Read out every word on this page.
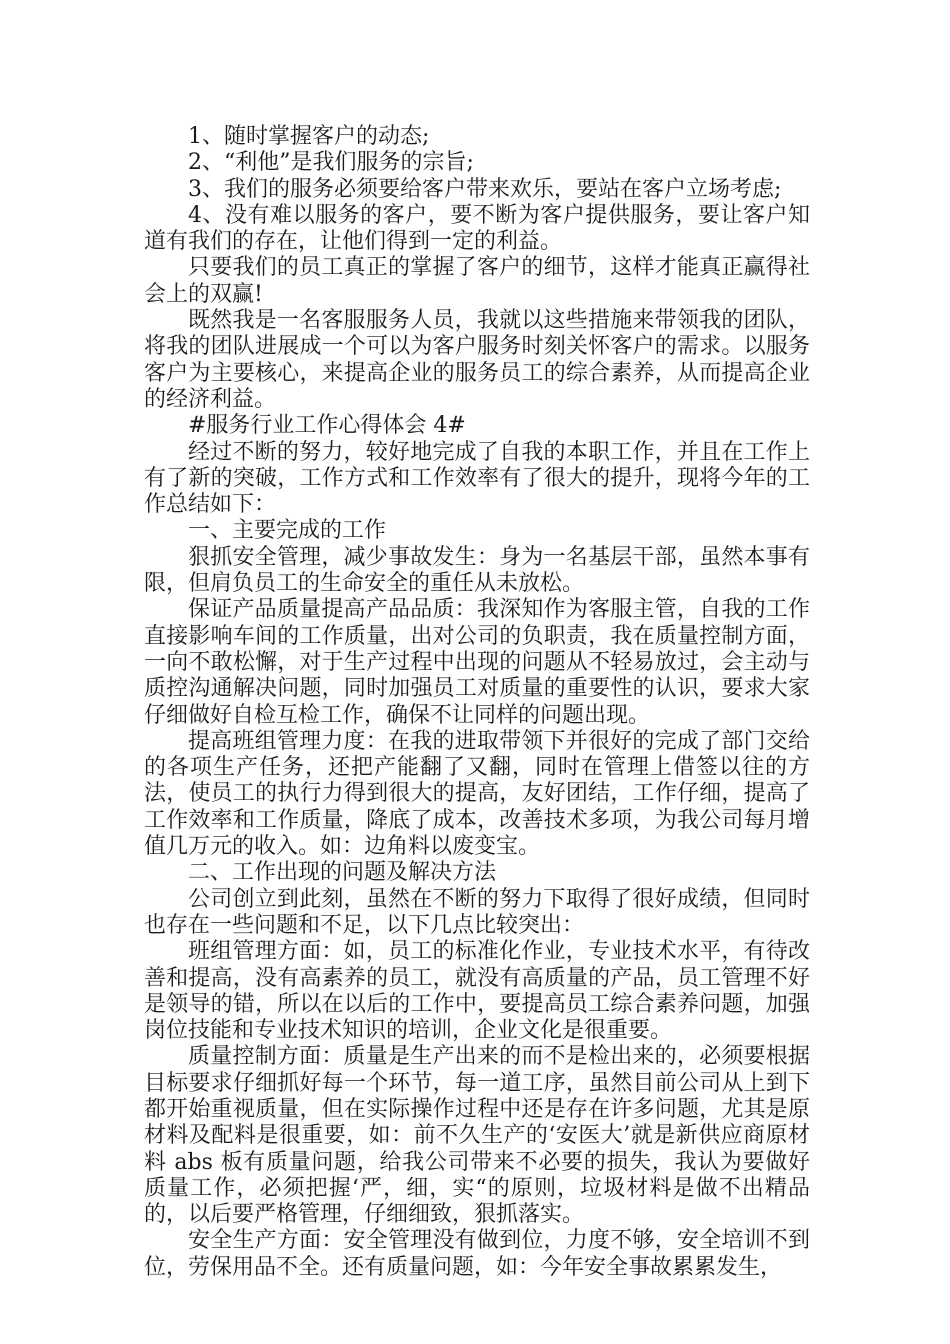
1、随时掌握客户的动态;

2、“利他”是我们服务的宗旨;

3、我们的服务必须要给客户带来欢乐，要站在客户立场考虑;

4、没有难以服务的客户，要不断为客户提供服务，要让客户知道有我们的存在，让他们得到一定的利益。

只要我们的员工真正的掌握了客户的细节，这样才能真正赢得社会上的双赢!

既然我是一名客服服务人员，我就以这些措施来带领我的团队，将我的团队进展成一个可以为客户服务时刻关怀客户的需求。以服务客户为主要核心，来提高企业的服务员工的综合素养，从而提高企业的经济利益。

#服务行业工作心得体会 4#

经过不断的努力，较好地完成了自我的本职工作，并且在工作上有了新的突破，工作方式和工作效率有了很大的提升，现将今年的工作总结如下：

一、主要完成的工作

狠抓安全管理，减少事故发生：身为一名基层干部，虽然本事有限，但肩负员工的生命安全的重任从未放松。

保证产品质量提高产品品质：我深知作为客服主管，自我的工作直接影响车间的工作质量，出对公司的负职责，我在质量控制方面，一向不敢松懈，对于生产过程中出现的问题从不轻易放过，会主动与质控沟通解决问题，同时加强员工对质量的重要性的认识，要求大家仔细做好自检互检工作，确保不让同样的问题出现。

提高班组管理力度：在我的进取带领下并很好的完成了部门交给的各项生产任务，还把产能翻了又翻，同时在管理上借签以往的方法，使员工的执行力得到很大的提高，友好团结，工作仔细，提高了工作效率和工作质量，降底了成本，改善技术多项，为我公司每月增值几万元的收入。如：边角料以废变宝。

二、工作出现的问题及解决方法

公司创立到此刻，虽然在不断的努力下取得了很好成绩，但同时也存在一些问题和不足，以下几点比较突出：

班组管理方面：如，员工的标准化作业，专业技术水平，有待改善和提高，没有高素养的员工，就没有高质量的产品，员工管理不好是领导的错，所以在以后的工作中，要提高员工综合素养问题，加强岗位技能和专业技术知识的培训，企业文化是很重要。

质量控制方面：质量是生产出来的而不是检出来的，必须要根据目标要求仔细抓好每一个环节，每一道工序，虽然目前公司从上到下都开始重视质量，但在实际操作过程中还是存在许多问题，尤其是原材料及配料是很重要，如：前不久生产的‘安医大’就是新供应商原材料 abs 板有质量问题，给我公司带来不必要的损失，我认为要做好质量工作，必须把握‘严，细，实“的原则，垃圾材料是做不出精品的，以后要严格管理，仔细细致，狠抓落实。

安全生产方面：安全管理没有做到位，力度不够，安全培训不到位，劳保用品不全。还有质量问题，如：今年安全事故累累发生，
